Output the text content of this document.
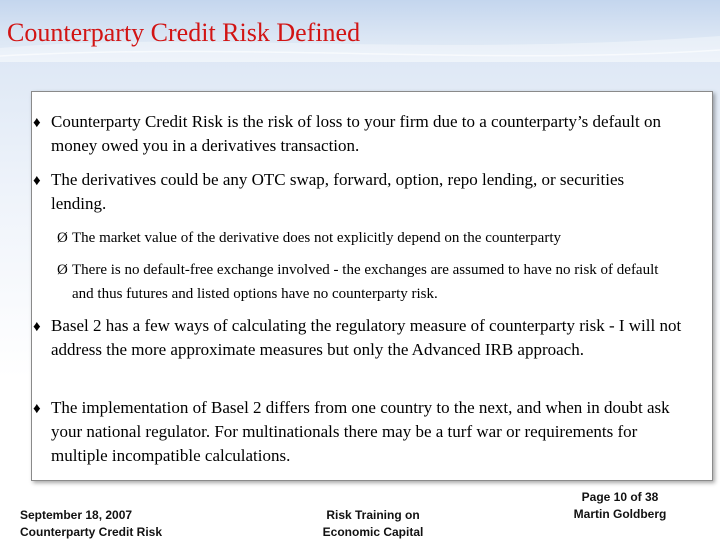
Counterparty Credit Risk Defined
♦ Counterparty Credit Risk is the risk of loss to your firm due to a counterparty’s default on money owed you in a derivatives transaction.
♦ The derivatives could be any OTC swap, forward, option, repo lending, or securities lending.
Ø The market value of the derivative does not explicitly depend on the counterparty
Ø There is no default-free exchange involved - the exchanges are assumed to have no risk of default and thus futures and listed options have no counterparty risk.
♦ Basel 2 has a few ways of calculating the regulatory measure of counterparty risk - I will not address the more approximate measures but only the Advanced IRB approach.
♦ The implementation of Basel 2 differs from one country to the next, and when in doubt ask your national regulator. For multinationals there may be a turf war or requirements for multiple incompatible calculations.
September 18, 2007
Counterparty Credit Risk
Risk Training on
Economic Capital
Page 10 of 38
Martin Goldberg
